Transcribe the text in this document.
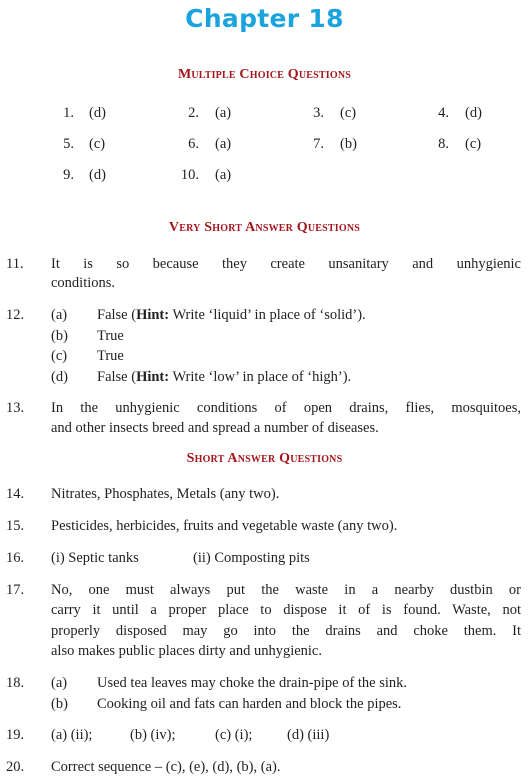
Chapter 18
Multiple Choice Questions
1. (d)	2. (a)	3. (c)	4. (d)
5. (c)	6. (a)	7. (b)	8. (c)
9. (d)	10. (a)
Very Short Answer Questions
11. It is so because they create unsanitary and unhygienic
conditions.
12. (a) False (Hint: Write ‘liquid’ in place of ‘solid’).
(b) True
(c) True
(d) False (Hint: Write ‘low’ in place of ‘high’).
13. In the unhygienic conditions of open drains, flies, mosquitoes,
and other insects breed and spread a number of diseases.
Short Answer Questions
14. Nitrates, Phosphates, Metals (any two).
15. Pesticides, herbicides, fruits and vegetable waste (any two).
16. (i) Septic tanks	(ii) Composting pits
17. No, one must always put the waste in a nearby dustbin or
carry it until a proper place to dispose it of is found. Waste, not
properly disposed may go into the drains and choke them. It
also makes public places dirty and unhygienic.
18. (a) Used tea leaves may choke the drain-pipe of the sink.
(b) Cooking oil and fats can harden and block the pipes.
19. (a) (ii);	(b) (iv);	(c) (i); (d) (iii)
20. Correct sequence – (c), (e), (d), (b), (a).
